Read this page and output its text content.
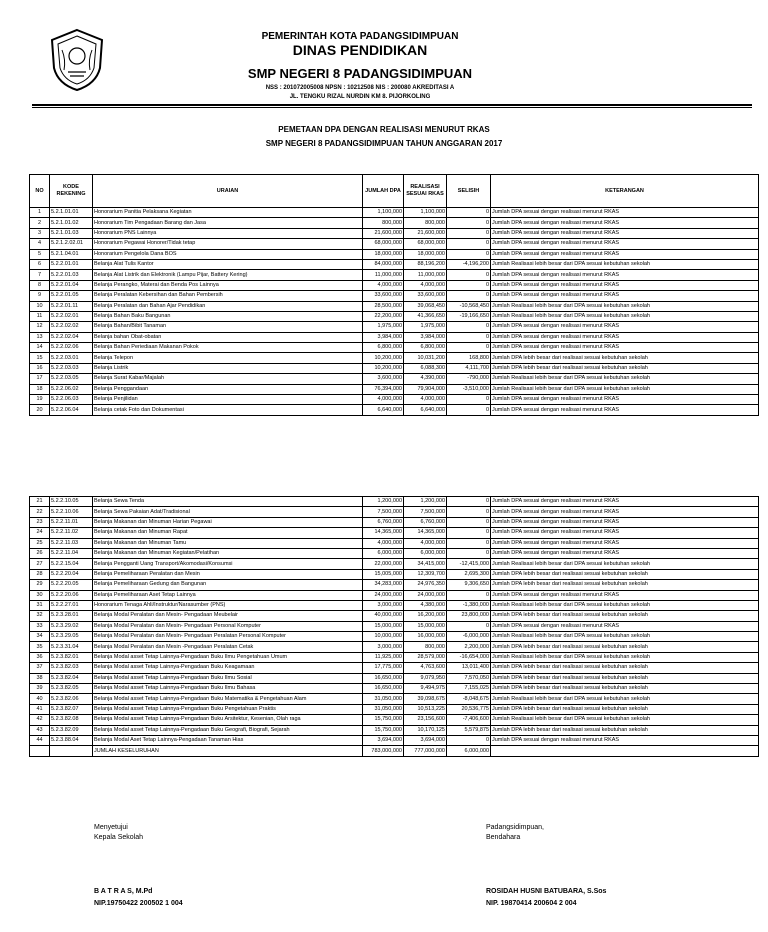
PEMERINTAH KOTA PADANGSIDIMPUAN
DINAS PENDIDIKAN
SMP NEGERI 8 PADANGSIDIMPUAN
NSS : 201072005008 NPSN : 10212508 NIS : 200080 AKREDITASI A
JL. TENGKU RIZAL NURDIN KM 8. PIJORKOLING
PEMETAAN DPA DENGAN REALISASI MENURUT RKAS
SMP NEGERI 8 PADANGSIDIMPUAN TAHUN ANGGARAN 2017
NO	KODE REKENING	URAIAN	JUMLAH DPA	REALISASI SESUAI RKAS	SELISIH	KETERANGAN
1	5.2.1.01.01	Honorarium Panitia Pelaksana Kegiatan	1,100,000	1,100,000	0	Jumlah DPA sesuai dengan realisasi menurut RKAS
2	5.2.1.01.02	Honorarium Tim Pengadaan Barang dan Jasa	800,000	800,000	0	Jumlah DPA sesuai dengan realisasi menurut RKAS
3	5.2.1.01.03	Honorarium PNS Lainnya	21,600,000	21,600,000	0	Jumlah DPA sesuai dengan realisasi menurut RKAS
4	5.2.1.2.02.01	Honorarium Pegawai Honorer/Tidak tetap	68,000,000	68,000,000	0	Jumlah DPA sesuai dengan realisasi menurut RKAS
5	5.2.1.04.01	Honorarium Pengelola Dana BOS	18,000,000	18,000,000	0	Jumlah DPA sesuai dengan realisasi menurut RKAS
6	5.2.2.01.01	Belanja Alat Tulis Kantor	84,000,000	88,196,200	-4,196,200	Jumlah Realisasi lebih besar dari DPA sesuai kebutuhan sekolah
7	5.2.2.01.03	Belanja Alat Listrik dan Elektronik (Lampu Pijar, Battery Kering)	11,000,000	11,000,000	0	Jumlah DPA sesuai dengan realisasi menurut RKAS
8	5.2.2.01.04	Belanja Perangko, Materai dan Benda Pos Lainnya	4,000,000	4,000,000	0	Jumlah DPA sesuai dengan realisasi menurut RKAS
9	5.2.2.01.05	Belanja Peralatan Kebersihan dan Bahan Pembersih	33,600,000	33,600,000	0	Jumlah DPA sesuai dengan realisasi menurut RKAS
10	5.2.2.01.11	Belanja Peralatan dan Bahan Ajar Pendidikan	28,500,000	39,068,450	-10,568,450	Jumlah Realisasi lebih besar dari DPA sesuai kebutuhan sekolah
11	5.2.2.02.01	Belanja Bahan Baku Bangunan	22,200,000	41,366,650	-19,166,650	Jumlah Realisasi lebih besar dari DPA sesuai kebutuhan sekolah
12	5.2.2.02.02	Belanja Bahan/Bibit Tanaman	1,975,000	1,975,000	0	Jumlah DPA sesuai dengan realisasi menurut RKAS
13	5.2.2.02.04	Belanja bahan Obat-obatan	3,984,000	3,984,000	0	Jumlah DPA sesuai dengan realisasi menurut RKAS
14	5.2.2.02.06	Belanja Bahan Periediaan Makanan Pokok	6,800,000	6,800,000	0	Jumlah DPA sesuai dengan realisasi menurut RKAS
15	5.2.2.03.01	Belanja Telepon	10,200,000	10,031,200	168,800	Jumlah DPA lebih besar dari realisasi sesuai kebutuhan sekolah
16	5.2.2.03.03	Belanja Listrik	10,200,000	6,088,300	4,111,700	Jumlah DPA lebih besar dari realisasi sesuai kebutuhan sekolah
17	5.2.2.03.05	Belanja Surat Kabar/Majalah	3,600,000	4,390,000	-790,000	Jumlah Realisasi lebih besar dari DPA sesuai kebutuhan sekolah
18	5.2.2.06.02	Belanja Penggandaan	76,394,000	79,904,000	-3,510,000	Jumlah Realisasi lebih besar dari DPA sesuai kebutuhan sekolah
19	5.2.2.06.03	Belanja Penjilidan	4,000,000	4,000,000	0	Jumlah DPA sesuai dengan realisasi menurut RKAS
20	5.2.2.06.04	Belanja cetak Foto dan Dokumentasi	6,640,000	6,640,000	0	Jumlah DPA sesuai dengan realisasi menurut RKAS
21	5.2.2.10.05	Belanja Sewa Tenda	1,200,000	1,200,000	0	Jumlah DPA sesuai dengan realisasi menurut RKAS
22	5.2.2.10.06	Belanja Sewa Pakaian Adat/Tradisional	7,500,000	7,500,000	0	Jumlah DPA sesuai dengan realisasi menurut RKAS
23	5.2.2.11.01	Belanja Makanan dan Minuman Harian Pegawai	6,760,000	6,760,000	0	Jumlah DPA sesuai dengan realisasi menurut RKAS
24	5.2.2.11.02	Belanja Makanan dan Minuman Rapat	14,365,000	14,365,000	0	Jumlah DPA sesuai dengan realisasi menurut RKAS
25	5.2.2.11.03	Belanja Makanan dan Minuman Tamu	4,000,000	4,000,000	0	Jumlah DPA sesuai dengan realisasi menurut RKAS
26	5.2.2.11.04	Belanja Makanan dan Minuman Kegiatan/Pelatihan	6,000,000	6,000,000	0	Jumlah DPA sesuai dengan realisasi menurut RKAS
27	5.2.2.15.04	Belanja Pengganti Uang Transport/Akomodasi/Konsumsi	22,000,000	34,415,000	-12,415,000	Jumlah Realisasi lebih besar dari DPA sesuai kebutuhan sekolah
28	5.2.2.20.04	Belanja Pemeliharaan Peralatan dan Mesin	15,005,000	12,309,700	2,695,300	Jumlah DPA lebih besar dari realisasi sesuai kebutuhan sekolah
29	5.2.2.20.05	Belanja Pemeliharaan Gedung dan Bangunan	34,283,000	24,976,350	9,306,650	Jumlah DPA lebih besar dari realisasi sesuai kebutuhan sekolah
30	5.2.2.20.06	Belanja Pemeliharaan Aset Tetap Lainnya	24,000,000	24,000,000	0	Jumlah DPA sesuai dengan realisasi menurut RKAS
31	5.2.2.27.01	Honorarium Tenaga Ahli/Instruktur/Narasumber (PNS)	3,000,000	4,380,000	-1,380,000	Jumlah Realisasi lebih besar dari DPA sesuai kebutuhan sekolah
32	5.2.3.28.01	Belanja Modal Peralatan dan Mesin- Pengadaan Meubelair	40,000,000	16,200,000	23,800,000	Jumlah DPA lebih besar dari realisasi sesuai kebutuhan sekolah
33	5.2.3.29.02	Belanja Modal Peralatan dan Mesin- Pengadaan Personal Komputer	15,000,000	15,000,000	0	Jumlah DPA sesuai dengan realisasi menurut RKAS
34	5.2.3.29.05	Belanja Modal Peralatan dan Mesin- Pengadaan Peralatan Personal Komputer	10,000,000	16,000,000	-6,000,000	Jumlah Realisasi lebih besar dari DPA sesuai kebutuhan sekolah
35	5.2.3.31.04	Belanja Modal Peralatan dan Mesin -Pengadaan Peralatan Cetak	3,000,000	800,000	2,200,000	Jumlah DPA lebih besar dari realisasi sesuai kebutuhan sekolah
36	5.2.3.82.01	Belanja Modal asset Tetap Lainnya-Pengadaan Buku Ilmu Pengetahuan Umum	11,925,000	28,579,000	-16,654,000	Jumlah Realisasi lebih besar dari DPA sesuai kebutuhan sekolah
37	5.2.3.82.03	Belanja Modal asset Tetap Lainnya-Pengadaan Buku Keagamaan	17,775,000	4,763,600	13,011,400	Jumlah DPA lebih besar dari realisasi sesuai kebutuhan sekolah
38	5.2.3.82.04	Belanja Modal asset Tetap Lainnya-Pengadaan Buku Ilmu Sosial	16,650,000	9,079,950	7,570,050	Jumlah DPA lebih besar dari realisasi sesuai kebutuhan sekolah
39	5.2.3.82.05	Belanja Modal asset Tetap Lainnya-Pengadaan Buku Ilmu Bahasa	16,650,000	9,494,975	7,155,025	Jumlah DPA lebih besar dari realisasi sesuai kebutuhan sekolah
40	5.2.3.82.06	Belanja Modal asset Tetap Lainnya-Pengadaan Buku Matematika & Pengetahuan Alam	31,050,000	39,098,675	-8,048,675	Jumlah Realisasi lebih besar dari DPA sesuai kebutuhan sekolah
41	5.2.3.82.07	Belanja Modal asset Tetap Lainnya-Pengadaan Buku Pengetahuan Praktis	31,050,000	10,513,225	20,536,775	Jumlah DPA lebih besar dari realisasi sesuai kebutuhan sekolah
42	5.2.3.82.08	Belanja Modal asset Tetap Lainnya-Pengadaan Buku Arsitektur, Kesenian, Olah raga	15,750,000	23,156,600	-7,406,600	Jumlah Realisasi lebih besar dari DPA sesuai kebutuhan sekolah
43	5.2.3.82.09	Belanja Modal asset Tetap Lainnya-Pengadaan Buku Geografi, Biografi, Sejarah	15,750,000	10,170,125	5,579,875	Jumlah DPA lebih besar dari realisasi sesuai kebutuhan sekolah
44	5.2.3.88.04	Belanja Modal Aset Tetap Lainnya-Pengadaan Tanaman Hias	3,694,000	3,694,000	0	Jumlah DPA sesuai dengan realisasi menurut RKAS
		JUMLAH KESELURUHAN	783,000,000	777,000,000	6,000,000	
Menyetujui
Kepala Sekolah
B A T R A S, M.Pd
NIP.19750422 200502 1 004
Padangsidimpuan,
Bendahara
ROSIDAH HUSNI BATUBARA, S.Sos
NIP. 19870414 200604 2 004
